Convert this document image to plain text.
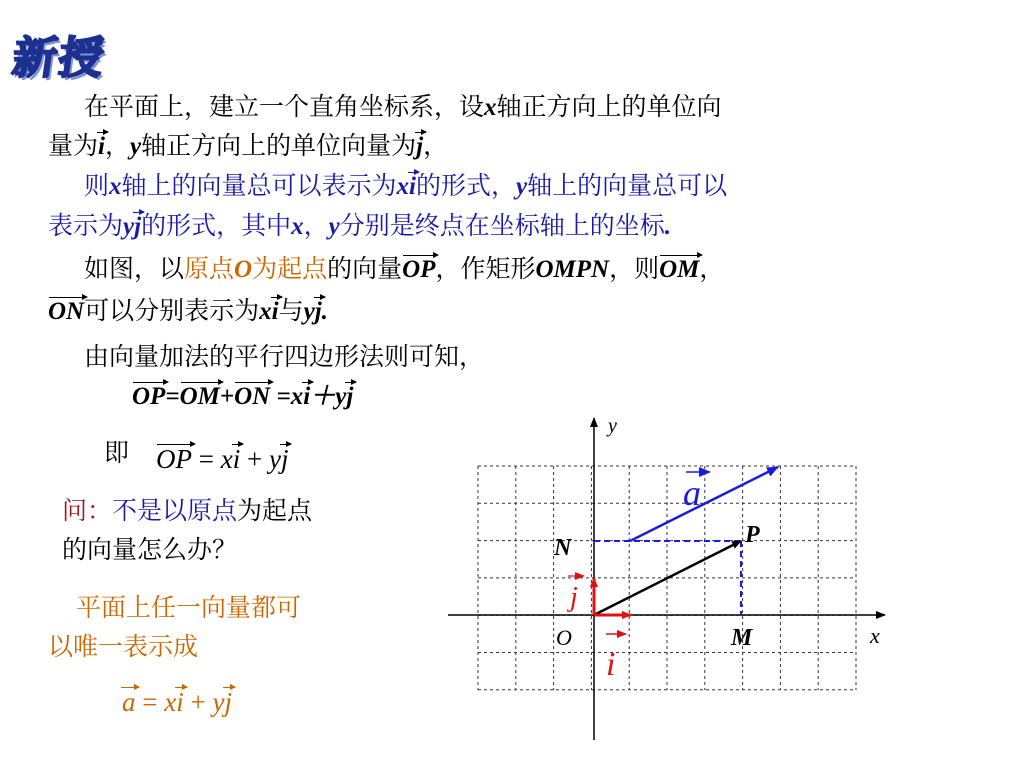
新授
在平面上，建立一个直角坐标系，设x轴正方向上的单位向
量为i，y轴正方向上的单位向量为j，
则x轴上的向量总可以表示为xi的形式，y轴上的向量总可以
表示为yj的形式，其中x，y分别是终点在坐标轴上的坐标.
如图，以原点O为起点的向量OP，作矩形OMPN，则OM，
ON可以分别表示为xi与yj.
由向量加法的平行四边形法则可知，
OP=OM+ON =xi＋yj
即 OP = xi + yj
问：不是以原点为起点
的向量怎么办？
平面上任一向量都可
以唯一表示成
a = xi + yj
y
x
O
N	P
M
a
j
i
